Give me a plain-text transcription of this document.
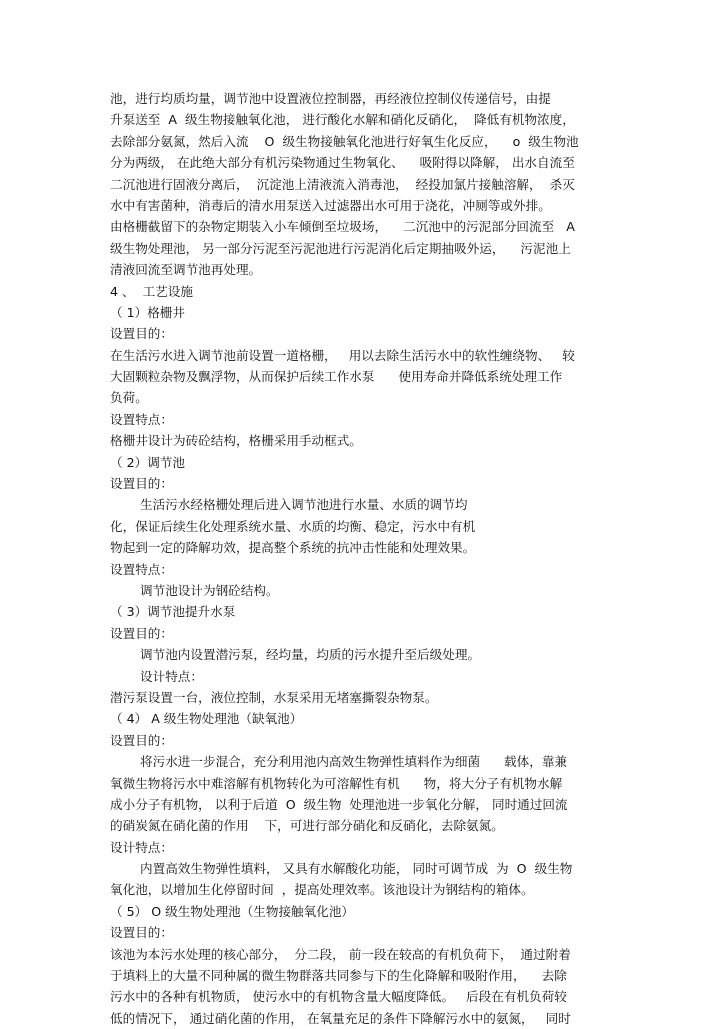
池，进行均质均量，调节池中设置液位控制器，再经液位控制仪传递信号，由提
升泵送至  A  级生物接触氧化池， 进行酸化水解和硝化反硝化，  降低有机物浓度，
去除部分氨氮，然后入流    O  级生物接触氧化池进行好氧生化反应，    o  级生物池
分为两级， 在此绝大部分有机污染物通过生物氧化、    吸附得以降解， 出水自流至
二沉池进行固液分离后，  沉淀池上清液流入消毒池，  经投加氯片接触溶解，  杀灭
水中有害菌种，消毒后的清水用泵送入过滤器出水可用于浇花，冲厕等或外排。
由格栅截留下的杂物定期装入小车倾倒至垃圾场，    二沉池中的污泥部分回流至   A
级生物处理池， 另一部分污泥至污泥池进行污泥消化后定期抽吸外运，    污泥池上
清液回流至调节池再处理。
4 、  工艺设施
（ 1）格栅井
设置目的：
在生活污水进入调节池前设置一道格栅，   用以去除生活污水中的软性缠绕物、   较
大固颗粒杂物及飘浮物，从而保护后续工作水泵      使用寿命并降低系统处理工作
负荷。
设置特点：
格栅井设计为砖砼结构，格栅采用手动框式。
（ 2）调节池
设置目的：
生活污水经格栅处理后进入调节池进行水量、水质的调节均
化，保证后续生化处理系统水量、水质的均衡、稳定，污水中有机
物起到一定的降解功效，提高整个系统的抗冲击性能和处理效果。
设置特点：
调节池设计为钢砼结构。
（ 3）调节池提升水泵
设置目的：
调节池内设置潜污泵，经均量，均质的污水提升至后级处理。
设计特点：
潜污泵设置一台，液位控制，水泵采用无堵塞撕裂杂物泵。
（ 4） A 级生物处理池（缺氧池）
设置目的：
将污水进一步混合，充分利用池内高效生物弹性填料作为细菌      载体，靠兼
氧微生物将污水中难溶解有机物转化为可溶解性有机      物，将大分子有机物水解
成小分子有机物， 以利于后道  O  级生物  处理池进一步氧化分解， 同时通过回流
的硝炭氮在硝化菌的作用    下，可进行部分硝化和反硝化，去除氨氮。
设计特点：
内置高效生物弹性填料， 又具有水解酸化功能， 同时可调节成  为  O  级生物
氧化池，以增加生化停留时间  ，提高处理效率。该池设计为钢结构的箱体。
（ 5） O 级生物处理池（生物接触氧化池）
设置目的：
该池为本污水处理的核心部分，  分二段， 前一段在较高的有机负荷下，  通过附着
于填料上的大量不同种属的微生物群落共同参与下的生化降解和吸附作用，    去除
污水中的各种有机物质， 使污水中的有机物含量大幅度降低。   后段在有机负荷较
低的情况下， 通过硝化菌的作用， 在氧量充足的条件下降解污水中的氨氮，   同时
